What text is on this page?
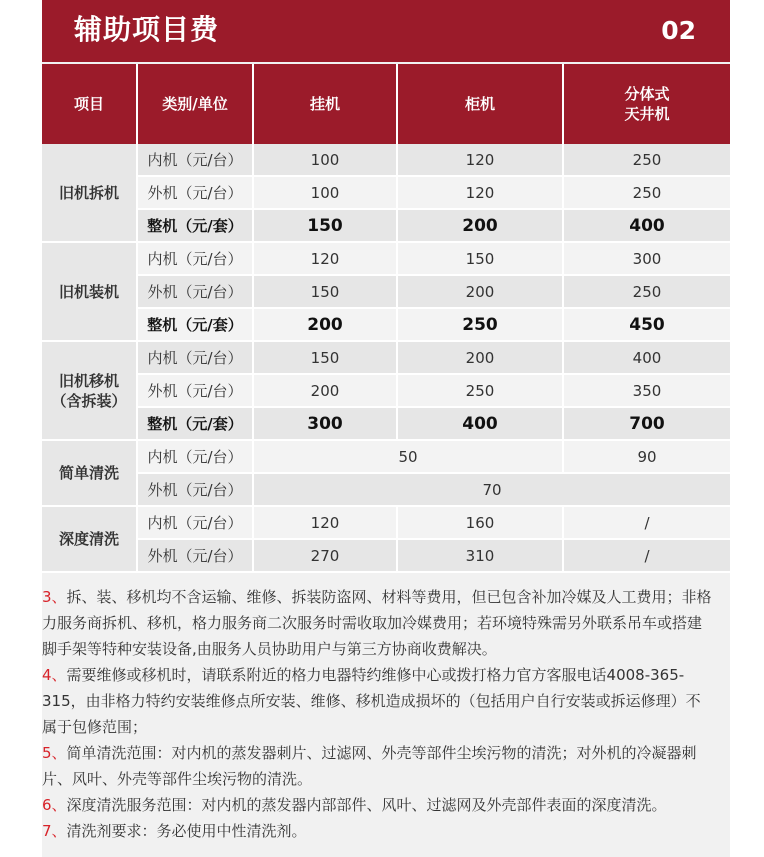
辅助项目费	02
项目	类别/单位	挂机	柜机	分体式
天井机

旧机拆机	内机（元/台）	100	120	250
	外机（元/台）	100	120	250
	整机（元/套）	150	200	400

旧机装机	内机（元/台）	120	150	300
	外机（元/台）	150	200	250
	整机（元/套）	200	250	450

旧机移机
（含拆装）	内机（元/台）	150	200	400
	外机（元/台）	200	250	350
	整机（元/套）	300	400	700

简单清洗	内机（元/台）	50		90
	外机（元/台）	70		

深度清洗	内机（元/台）	120	160	/
	外机（元/台）	270	310	/
3、拆、装、移机均不含运输、维修、拆装防盗网、材料等费用，但已包含补加冷媒及人工费用；非格力服务商拆机、移机，格力服务商二次服务时需收取加冷媒费用；若环境特殊需另外联系吊车或搭建脚手架等特种安装设备,由服务人员协助用户与第三方协商收费解决。
4、需要维修或移机时，请联系附近的格力电器特约维修中心或拨打格力官方客服电话4008-365-315，由非格力特约安装维修点所安装、维修、移机造成损坏的（包括用户自行安装或拆运修理）不属于包修范围；
5、简单清洗范围：对内机的蒸发器刺片、过滤网、外壳等部件尘埃污物的清洗；对外机的冷凝器刺片、风叶、外壳等部件尘埃污物的清洗。
6、深度清洗服务范围：对内机的蒸发器内部部件、风叶、过滤网及外壳部件表面的深度清洗。
7、清洗剂要求：务必使用中性清洗剂。
